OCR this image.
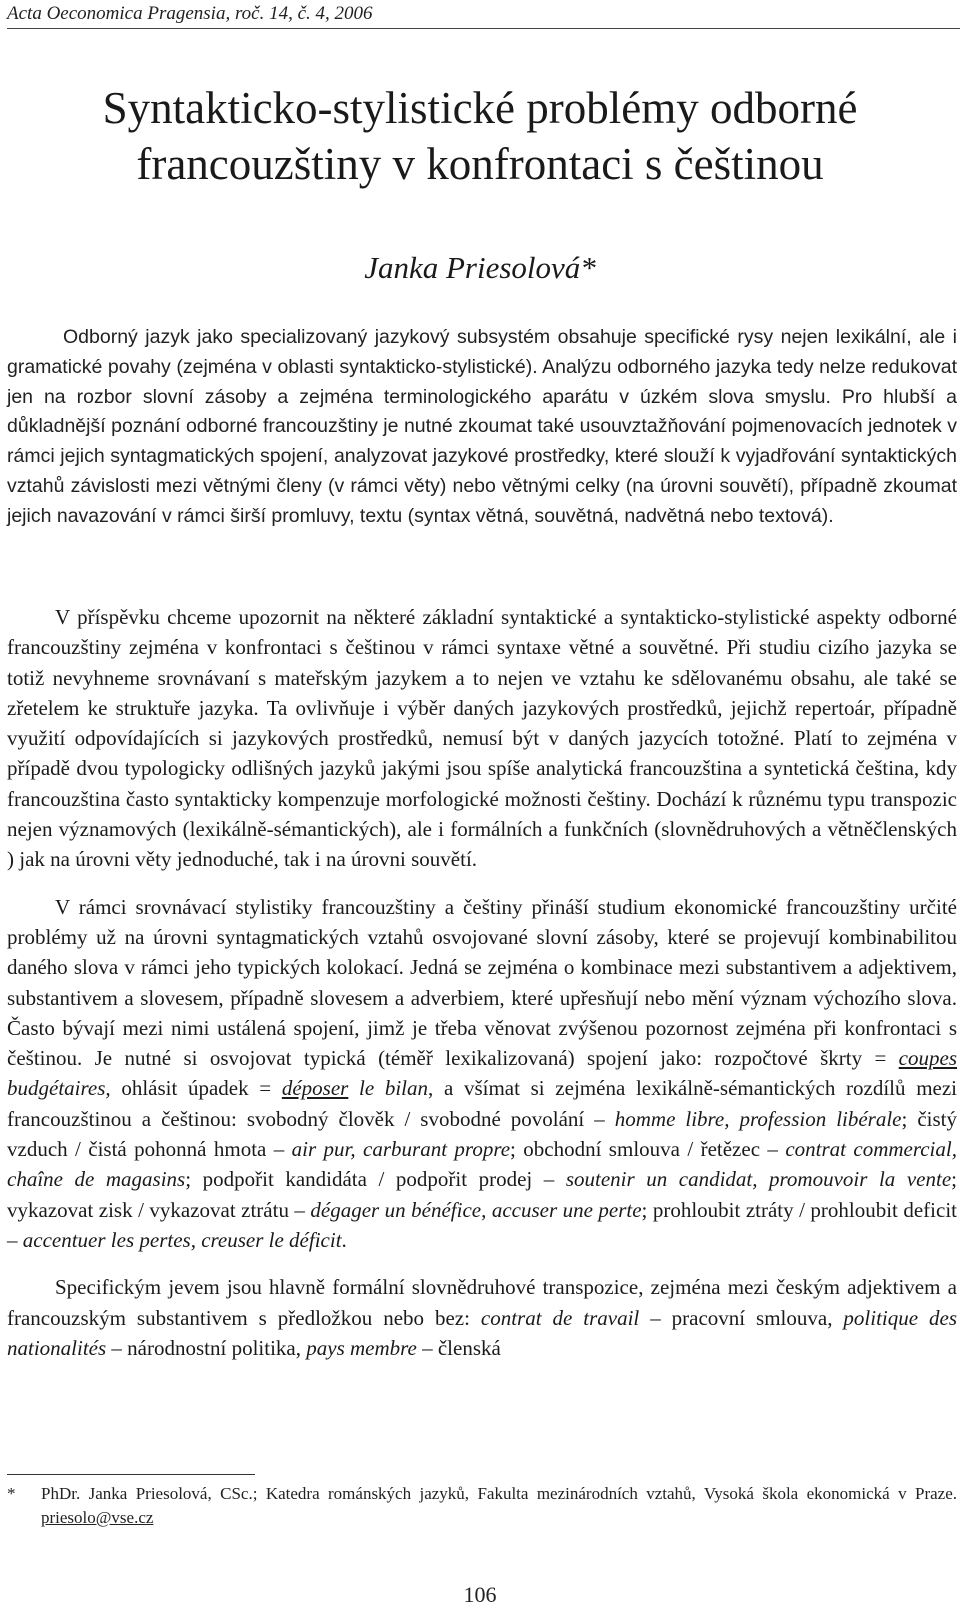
Acta Oeconomica Pragensia, roč. 14, č. 4, 2006
Syntakticko-stylistické problémy odborné francouzštiny v konfrontaci s češtinou
Janka Priesolová*

Odborný jazyk jako specializovaný jazykový subsystém obsahuje specifické rysy nejen lexikální, ale i gramatické povahy (zejména v oblasti syntakticko-stylistické). Analýzu odborného jazyka tedy nelze redukovat jen na rozbor slovní zásoby a zejména terminologického aparátu v úzkém slova smyslu. Pro hlubší a důkladnější poznání odborné francouzštiny je nutné zkoumat také usouvztažňování pojmenovacích jednotek v rámci jejich syntagmatických spojení, analyzovat jazykové prostředky, které slouží k vyjadřování syntaktických vztahů závislosti mezi větnými členy (v rámci věty) nebo větnými celky (na úrovni souvětí), případně zkoumat jejich navazování v rámci širší promluvy, textu (syntax větná, souvětná, nadvětná nebo textová).

V příspěvku chceme upozornit na některé základní syntaktické a syntakticko-stylistické aspekty odborné francouzštiny zejména v konfrontaci s češtinou v rámci syntaxe větné a souvětné. Při studiu cizího jazyka se totiž nevyhneme srovnávaní s mateřským jazykem a to nejen ve vztahu ke sdělovanému obsahu, ale také se zřetelem ke struktuře jazyka. Ta ovlivňuje i výběr daných jazykových prostředků, jejichž repertoár, případně využití odpovídajících si jazykových prostředků, nemusí být v daných jazycích totožné. Platí to zejména v případě dvou typologicky odlišných jazyků jakými jsou spíše analytická francouzština a syntetická čeština, kdy francouzština často syntakticky kompenzuje morfologické možnosti češtiny. Dochází k různému typu transpozic nejen významových (lexikálně-sémantických), ale i formálních a funkčních (slovnědruhových a větněčlenských ) jak na úrovni věty jednoduché, tak i na úrovni souvětí.

V rámci srovnávací stylistiky francouzštiny a češtiny přináší studium ekonomické francouzštiny určité problémy už na úrovni syntagmatických vztahů osvojované slovní zásoby, které se projevují kombinabilitou daného slova v rámci jeho typických kolokací. Jedná se zejména o kombinace mezi substantivem a adjektivem, substantivem a slovesem, případně slovesem a adverbiem, které upřesňují nebo mění význam výchozího slova. Často bývají mezi nimi ustálená spojení, jimž je třeba věnovat zvýšenou pozornost zejména při konfrontaci s češtinou. Je nutné si osvojovat typická (téměř lexikalizovaná) spojení jako: rozpočtové škrty = coupes budgétaires, ohlásit úpadek = déposer le bilan, a všímat si zejména lexikálně-sémantických rozdílů mezi francouzštinou a češtinou: svobodný člověk / svobodné povolání – homme libre, profession libérale; čistý vzduch / čistá pohonná hmota – air pur, carburant propre; obchodní smlouva / řetězec – contrat commercial, chaîne de magasins; podpořit kandidáta / podpořit prodej – soutenir un candidat, promouvoir la vente; vykazovat zisk / vykazovat ztrátu – dégager un bénéfice, accuser une perte; prohloubit ztráty / prohloubit deficit – accentuer les pertes, creuser le déficit.

Specifickým jevem jsou hlavně formální slovnědruhové transpozice, zejména mezi českým adjektivem a francouzským substantivem s předložkou nebo bez: contrat de travail – pracovní smlouva, politique des nationalités – národnostní politika, pays membre – členská

* PhDr. Janka Priesolová, CSc.; Katedra románských jazyků, Fakulta mezinárodních vztahů, Vysoká škola ekonomická v Praze. priesolo@vse.cz
106
